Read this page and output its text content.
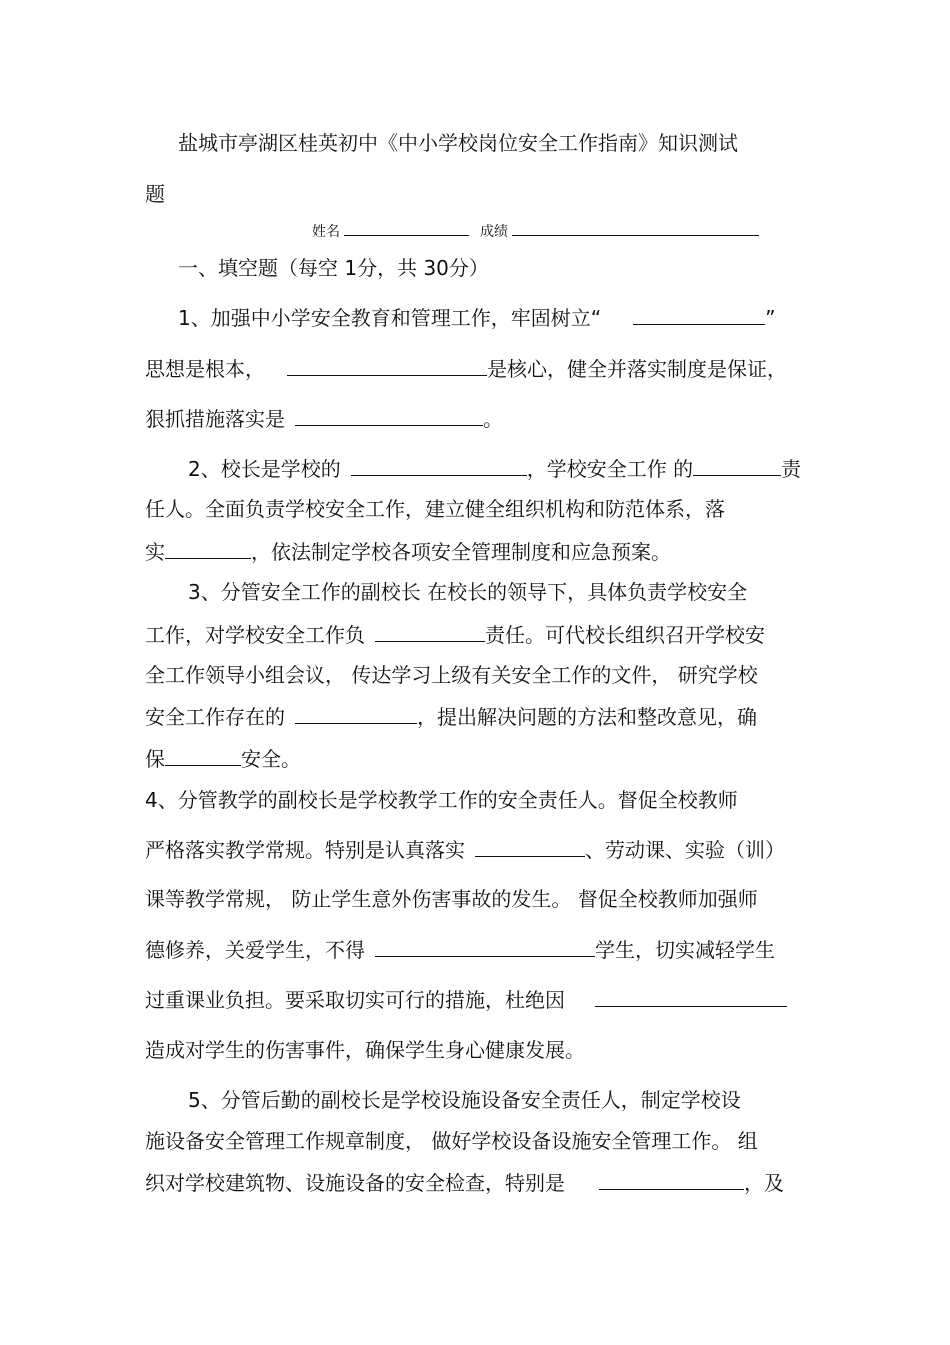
盐城市亭湖区桂英初中《中小学校岗位安全工作指南》知识测试
题
姓名	成绩
一、填空题（每空 1分，共 30分）
1、加强中小学安全教育和管理工作，牢固树立“	”
思想是根本，	是核心，健全并落实制度是保证，
狠抓措施落实是	。
2、校长是学校的	，学校安全工作 的	责
任人。全面负责学校安全工作，建立健全组织机构和防范体系，落
实	，依法制定学校各项安全管理制度和应急预案。
3、分管安全工作的副校长 在校长的领导下，具体负责学校安全
工作，对学校安全工作负	责任。可代校长组织召开学校安
全工作领导小组会议， 传达学习上级有关安全工作的文件， 研究学校
安全工作存在的	，提出解决问题的方法和整改意见，确
保	安全。
4、分管教学的副校长是学校教学工作的安全责任人。督促全校教师
严格落实教学常规。特别是认真落实	、劳动课、实验（训）
课等教学常规， 防止学生意外伤害事故的发生。 督促全校教师加强师
德修养，关爱学生，不得	学生，切实减轻学生
过重课业负担。要采取切实可行的措施，杜绝因
造成对学生的伤害事件，确保学生身心健康发展。
5、分管后勤的副校长是学校设施设备安全责任人，制定学校设
施设备安全管理工作规章制度， 做好学校设备设施安全管理工作。 组
织对学校建筑物、设施设备的安全检查，特别是	，及
